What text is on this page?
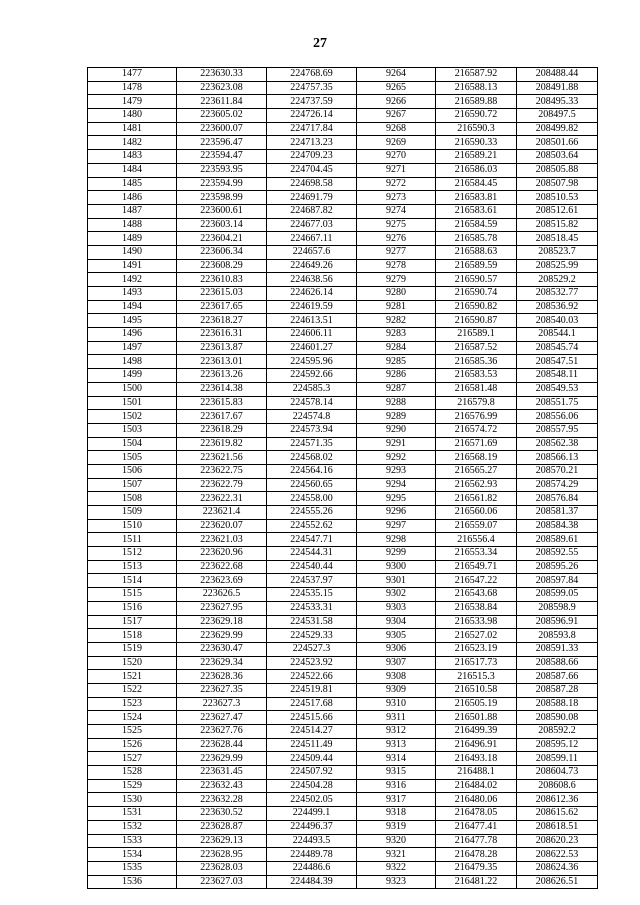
27
1477	223630.33	224768.69	9264	216587.92	208488.44
1478	223623.08	224757.35	9265	216588.13	208491.88
1479	223611.84	224737.59	9266	216589.88	208495.33
1480	223605.02	224726.14	9267	216590.72	208497.5
1481	223600.07	224717.84	9268	216590.3	208499.82
1482	223596.47	224713.23	9269	216590.33	208501.66
1483	223594.47	224709.23	9270	216589.21	208503.64
1484	223593.95	224704.45	9271	216586.03	208505.88
1485	223594.99	224698.58	9272	216584.45	208507.98
1486	223598.99	224691.79	9273	216583.81	208510.53
1487	223600.61	224687.82	9274	216583.61	208512.61
1488	223603.14	224677.03	9275	216584.59	208515.82
1489	223604.21	224667.11	9276	216585.78	208518.45
1490	223606.34	224657.6	9277	216588.63	208523.7
1491	223608.29	224649.26	9278	216589.59	208525.99
1492	223610.83	224638.56	9279	216590.57	208529.2
1493	223615.03	224626.14	9280	216590.74	208532.77
1494	223617.65	224619.59	9281	216590.82	208536.92
1495	223618.27	224613.51	9282	216590.87	208540.03
1496	223616.31	224606.11	9283	216589.1	208544.1
1497	223613.87	224601.27	9284	216587.52	208545.74
1498	223613.01	224595.96	9285	216585.36	208547.51
1499	223613.26	224592.66	9286	216583.53	208548.11
1500	223614.38	224585.3	9287	216581.48	208549.53
1501	223615.83	224578.14	9288	216579.8	208551.75
1502	223617.67	224574.8	9289	216576.99	208556.06
1503	223618.29	224573.94	9290	216574.72	208557.95
1504	223619.82	224571.35	9291	216571.69	208562.38
1505	223621.56	224568.02	9292	216568.19	208566.13
1506	223622.75	224564.16	9293	216565.27	208570.21
1507	223622.79	224560.65	9294	216562.93	208574.29
1508	223622.31	224558.00	9295	216561.82	208576.84
1509	223621.4	224555.26	9296	216560.06	208581.37
1510	223620.07	224552.62	9297	216559.07	208584.38
1511	223621.03	224547.71	9298	216556.4	208589.61
1512	223620.96	224544.31	9299	216553.34	208592.55
1513	223622.68	224540.44	9300	216549.71	208595.26
1514	223623.69	224537.97	9301	216547.22	208597.84
1515	223626.5	224535.15	9302	216543.68	208599.05
1516	223627.95	224533.31	9303	216538.84	208598.9
1517	223629.18	224531.58	9304	216533.98	208596.91
1518	223629.99	224529.33	9305	216527.02	208593.8
1519	223630.47	224527.3	9306	216523.19	208591.33
1520	223629.34	224523.92	9307	216517.73	208588.66
1521	223628.36	224522.66	9308	216515.3	208587.66
1522	223627.35	224519.81	9309	216510.58	208587.28
1523	223627.3	224517.68	9310	216505.19	208588.18
1524	223627.47	224515.66	9311	216501.88	208590.08
1525	223627.76	224514.27	9312	216499.39	208592.2
1526	223628.44	224511.49	9313	216496.91	208595.12
1527	223629.99	224509.44	9314	216493.18	208599.11
1528	223631.45	224507.92	9315	216488.1	208604.73
1529	223632.43	224504.28	9316	216484.02	208608.6
1530	223632.28	224502.05	9317	216480.06	208612.36
1531	223630.52	224499.1	9318	216478.05	208615.62
1532	223628.87	224496.37	9319	216477.41	208618.51
1533	223629.13	224493.5	9320	216477.78	208620.23
1534	223628.95	224489.78	9321	216478.28	208622.53
1535	223628.03	224486.6	9322	216479.35	208624.36
1536	223627.03	224484.39	9323	216481.22	208626.51
